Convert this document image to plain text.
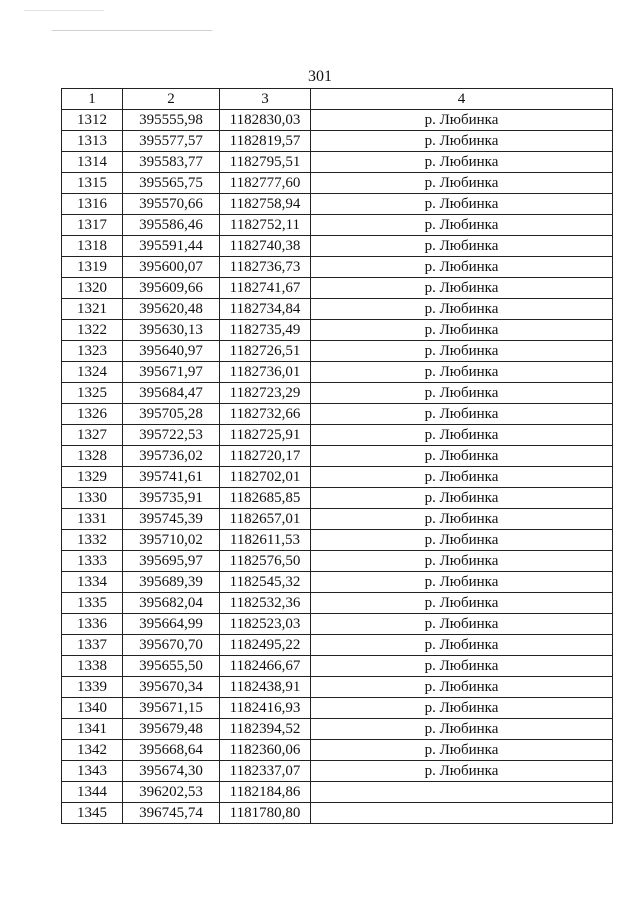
301
1	2	3	4
1312	395555,98	1182830,03	р. Любинка
1313	395577,57	1182819,57	р. Любинка
1314	395583,77	1182795,51	р. Любинка
1315	395565,75	1182777,60	р. Любинка
1316	395570,66	1182758,94	р. Любинка
1317	395586,46	1182752,11	р. Любинка
1318	395591,44	1182740,38	р. Любинка
1319	395600,07	1182736,73	р. Любинка
1320	395609,66	1182741,67	р. Любинка
1321	395620,48	1182734,84	р. Любинка
1322	395630,13	1182735,49	р. Любинка
1323	395640,97	1182726,51	р. Любинка
1324	395671,97	1182736,01	р. Любинка
1325	395684,47	1182723,29	р. Любинка
1326	395705,28	1182732,66	р. Любинка
1327	395722,53	1182725,91	р. Любинка
1328	395736,02	1182720,17	р. Любинка
1329	395741,61	1182702,01	р. Любинка
1330	395735,91	1182685,85	р. Любинка
1331	395745,39	1182657,01	р. Любинка
1332	395710,02	1182611,53	р. Любинка
1333	395695,97	1182576,50	р. Любинка
1334	395689,39	1182545,32	р. Любинка
1335	395682,04	1182532,36	р. Любинка
1336	395664,99	1182523,03	р. Любинка
1337	395670,70	1182495,22	р. Любинка
1338	395655,50	1182466,67	р. Любинка
1339	395670,34	1182438,91	р. Любинка
1340	395671,15	1182416,93	р. Любинка
1341	395679,48	1182394,52	р. Любинка
1342	395668,64	1182360,06	р. Любинка
1343	395674,30	1182337,07	р. Любинка
1344	396202,53	1182184,86	
1345	396745,74	1181780,80	
